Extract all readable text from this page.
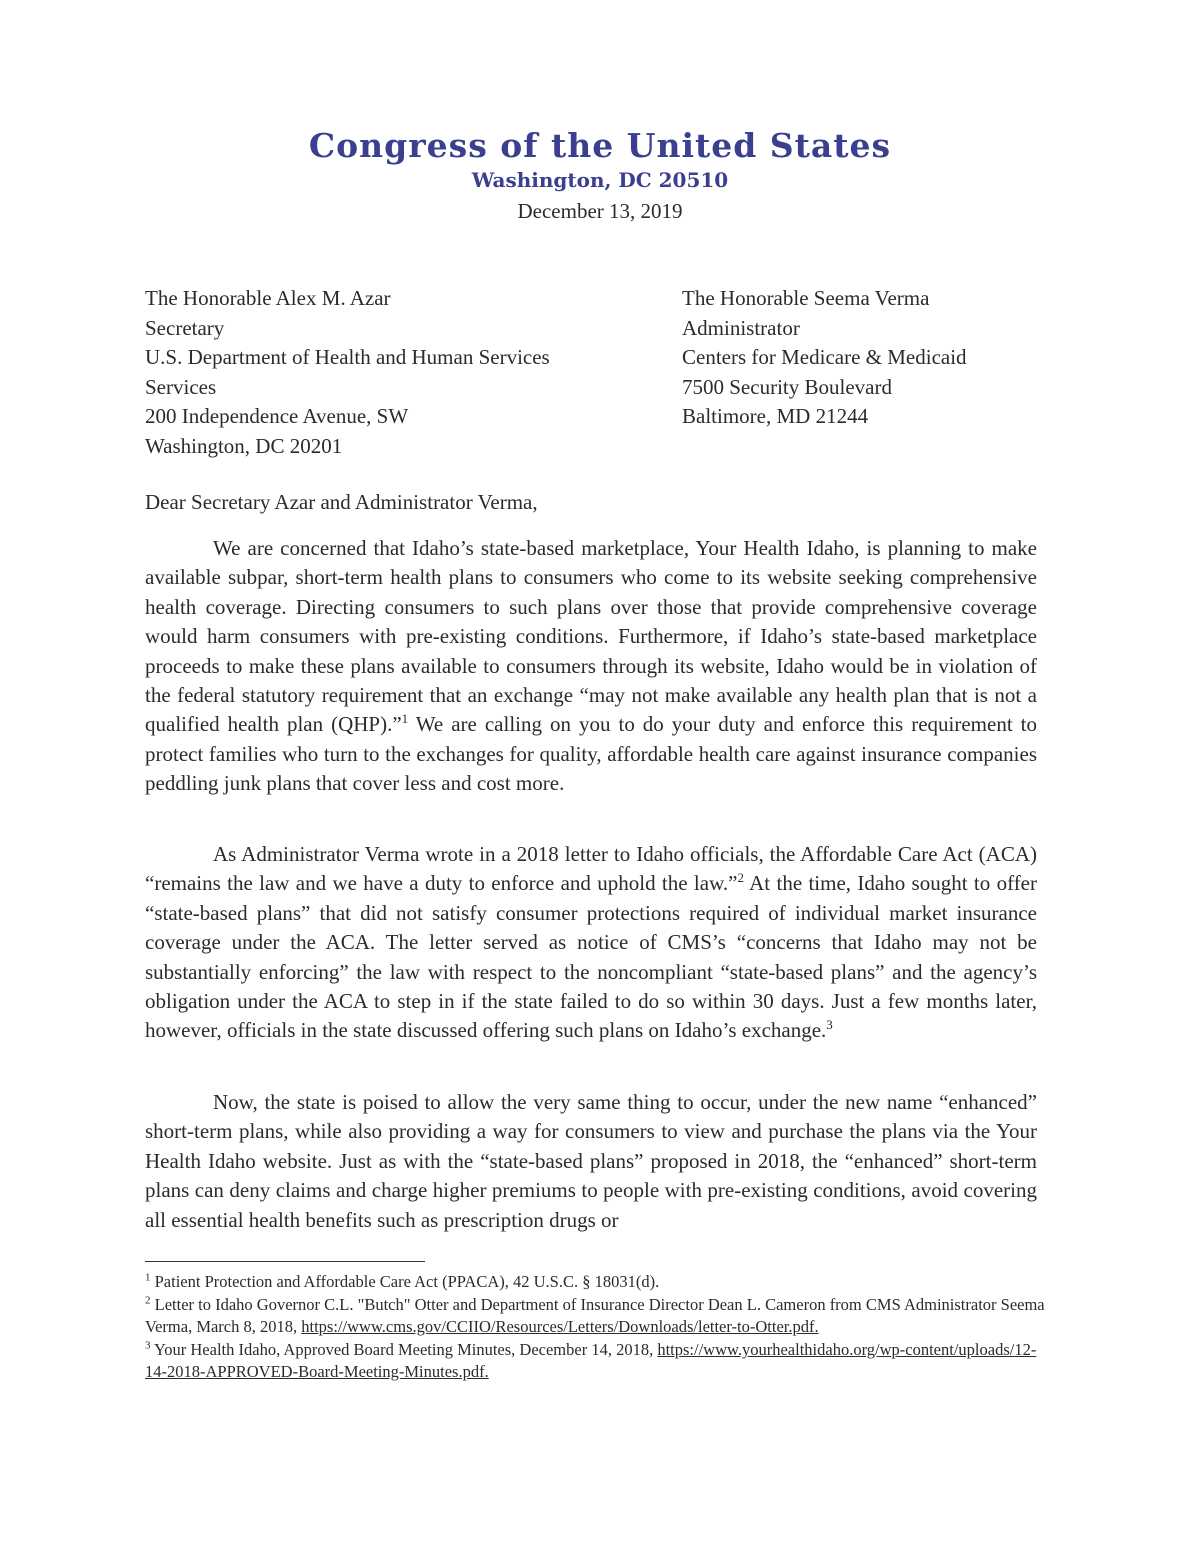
Congress of the United States
Washington, DC 20510
December 13, 2019
The Honorable Alex M. Azar
Secretary
U.S. Department of Health and Human Services
Services
200 Independence Avenue, SW
Washington, DC 20201
The Honorable Seema Verma
Administrator
Centers for Medicare & Medicaid
7500 Security Boulevard
Baltimore, MD 21244
Dear Secretary Azar and Administrator Verma,

We are concerned that Idaho’s state-based marketplace, Your Health Idaho, is planning to make available subpar, short-term health plans to consumers who come to its website seeking comprehensive health coverage. Directing consumers to such plans over those that provide comprehensive coverage would harm consumers with pre-existing conditions. Furthermore, if Idaho’s state-based marketplace proceeds to make these plans available to consumers through its website, Idaho would be in violation of the federal statutory requirement that an exchange “may not make available any health plan that is not a qualified health plan (QHP).”$^1$ We are calling on you to do your duty and enforce this requirement to protect families who turn to the exchanges for quality, affordable health care against insurance companies peddling junk plans that cover less and cost more.

As Administrator Verma wrote in a 2018 letter to Idaho officials, the Affordable Care Act (ACA) “remains the law and we have a duty to enforce and uphold the law.”$^2$ At the time, Idaho sought to offer “state-based plans” that did not satisfy consumer protections required of individual market insurance coverage under the ACA. The letter served as notice of CMS’s “concerns that Idaho may not be substantially enforcing” the law with respect to the noncompliant “state-based plans” and the agency’s obligation under the ACA to step in if the state failed to do so within 30 days. Just a few months later, however, officials in the state discussed offering such plans on Idaho’s exchange.$^3$

Now, the state is poised to allow the very same thing to occur, under the new name “enhanced” short-term plans, while also providing a way for consumers to view and purchase the plans via the Your Health Idaho website. Just as with the “state-based plans” proposed in 2018, the “enhanced” short-term plans can deny claims and charge higher premiums to people with pre-existing conditions, avoid covering all essential health benefits such as prescription drugs or

$^1$ Patient Protection and Affordable Care Act (PPACA), 42 U.S.C. § 18031(d).

$^2$ Letter to Idaho Governor C.L. "Butch" Otter and Department of Insurance Director Dean L. Cameron from CMS Administrator Seema Verma, March 8, 2018, https://www.cms.gov/CCIIO/Resources/Letters/Downloads/letter-to-Otter.pdf.

$^3$ Your Health Idaho, Approved Board Meeting Minutes, December 14, 2018, https://www.yourhealthidaho.org/wp-content/uploads/12-14-2018-APPROVED-Board-Meeting-Minutes.pdf.
